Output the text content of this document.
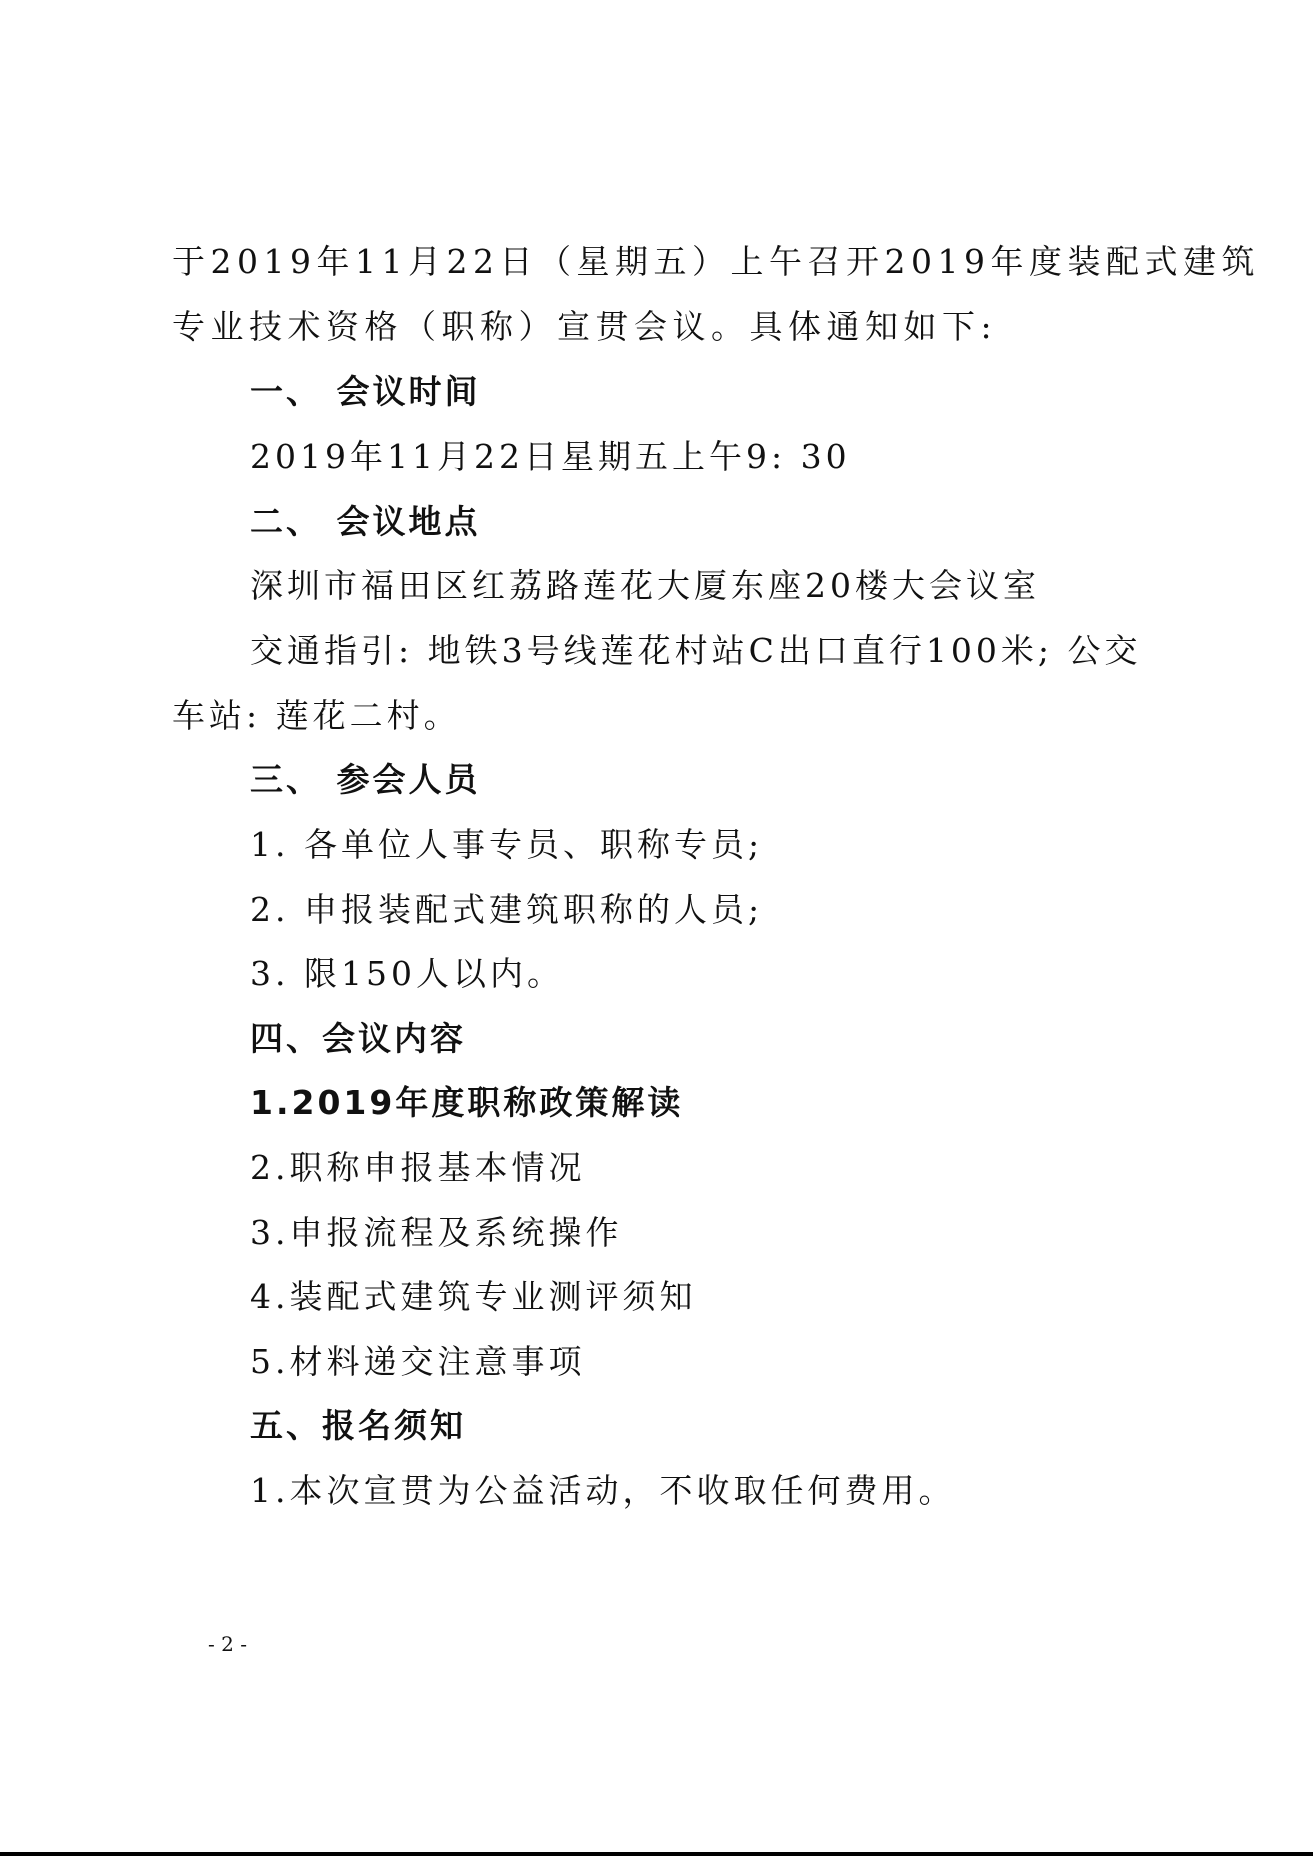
于2019年11月22日（星期五）上午召开2019年度装配式建筑
专业技术资格（职称）宣贯会议。具体通知如下:
一、 会议时间
2019年11月22日星期五上午9: 30
二、 会议地点
深圳市福田区红荔路莲花大厦东座20楼大会议室
交通指引: 地铁3号线莲花村站C出口直行100米; 公交
车站: 莲花二村。
三、 参会人员
1. 各单位人事专员、职称专员;
2. 申报装配式建筑职称的人员;
3. 限150人以内。
四、会议内容
1.2019年度职称政策解读
2.职称申报基本情况
3.申报流程及系统操作
4.装配式建筑专业测评须知
5.材料递交注意事项
五、报名须知
1.本次宣贯为公益活动，不收取任何费用。
- 2 -
